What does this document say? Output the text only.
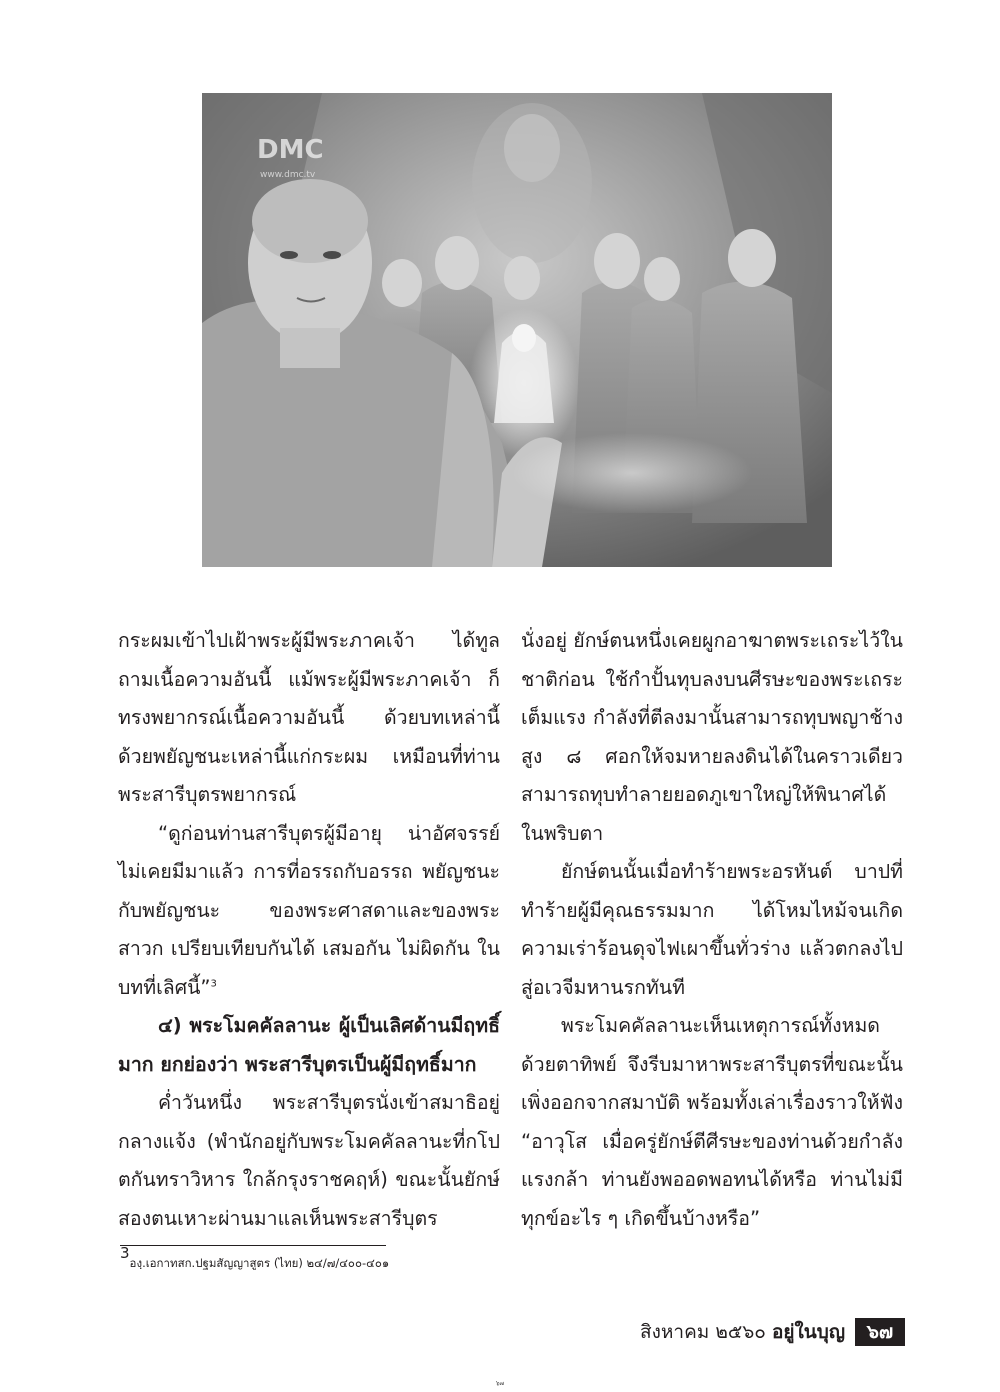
DMC
www.dmc.tv

กระผมเข้าไปเฝ้าพระผู้มีพระภาคเจ้า ได้ทูลถามเนื้อความอันนี้ แม้พระผู้มีพระภาคเจ้า ก็ทรงพยากรณ์เนื้อความอันนี้ ด้วยบทเหล่านี้ ด้วยพยัญชนะเหล่านี้แก่กระผม เหมือนที่ท่านพระสารีบุตรพยากรณ์

“ดูก่อนท่านสารีบุตรผู้มีอายุ น่าอัศจรรย์ ไม่เคยมีมาแล้ว การที่อรรถกับอรรถ พยัญชนะกับพยัญชนะ ของพระศาสดาและของพระสาวก เปรียบเทียบกันได้ เสมอกัน ไม่ผิดกัน ในบทที่เลิศนี้”$^3$

๔) พระโมคคัลลานะ ผู้เป็นเลิศด้านมีฤทธิ์มาก ยกย่องว่า พระสารีบุตรเป็นผู้มีฤทธิ์มาก

ค่ำวันหนึ่ง พระสารีบุตรนั่งเข้าสมาธิอยู่กลางแจ้ง (พำนักอยู่กับพระโมคคัลลานะที่กโปตกันทราวิหาร ใกล้กรุงราชคฤห์) ขณะนั้นยักษ์สองตนเหาะผ่านมาแลเห็นพระสารีบุตร

นั่งอยู่ ยักษ์ตนหนึ่งเคยผูกอาฆาตพระเถระไว้ในชาติก่อน ใช้กำปั้นทุบลงบนศีรษะของพระเถระเต็มแรง กำลังที่ตีลงมานั้นสามารถทุบพญาช้างสูง ๘ ศอกให้จมหายลงดินได้ในคราวเดียว สามารถทุบทำลายยอดภูเขาใหญ่ให้พินาศได้ในพริบตา

ยักษ์ตนนั้นเมื่อทำร้ายพระอรหันต์ บาปที่ทำร้ายผู้มีคุณธรรมมาก ได้โหมไหม้จนเกิดความเร่าร้อนดุจไฟเผาขึ้นทั่วร่าง แล้วตกลงไปสู่อเวจีมหานรกทันที

พระโมคคัลลานะเห็นเหตุการณ์ทั้งหมดด้วยตาทิพย์ จึงรีบมาหาพระสารีบุตรที่ขณะนั้นเพิ่งออกจากสมาบัติ พร้อมทั้งเล่าเรื่องราวให้ฟัง “อาวุโส เมื่อครู่ยักษ์ตีศีรษะของท่านด้วยกำลังแรงกล้า ท่านยังพออดพอทนได้หรือ ท่านไม่มีทุกข์อะไร ๆ เกิดขึ้นบ้างหรือ”

3องฺ.เอกาทสก.ปฐมสัญญาสูตร (ไทย) ๒๔/๗/๔๐๐-๔๐๑
สิงหาคม ๒๕๖๐ อยู่ในบุญ	๖๗
๖๗
